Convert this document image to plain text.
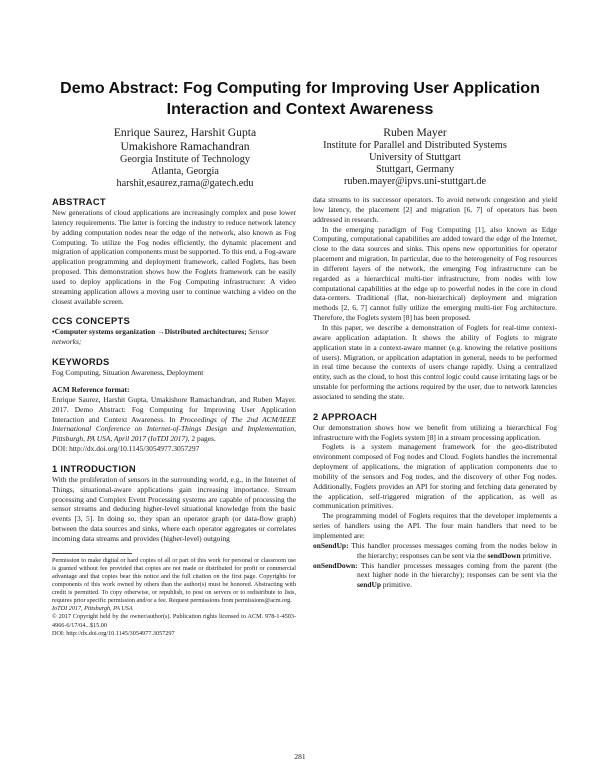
Demo Abstract: Fog Computing for Improving User Application Interaction and Context Awareness
Enrique Saurez, Harshit Gupta
Umakishore Ramachandran
Georgia Institute of Technology
Atlanta, Georgia
harshit,esaurez,rama@gatech.edu
Ruben Mayer
Institute for Parallel and Distributed Systems
University of Stuttgart
Stuttgart, Germany
ruben.mayer@ipvs.uni-stuttgart.de
ABSTRACT

New generations of cloud applications are increasingly complex and pose lower latency requirements. The latter is forcing the industry to reduce network latency by adding computation nodes near the edge of the network, also known as Fog Computing. To utilize the Fog nodes efficiently, the dynamic placement and migration of application components must be supported. To this end, a Fog-aware application programming and deployment framework, called Foglets, has been proposed. This demonstration shows how the Foglets framework can be easily used to deploy applications in the Fog Computing infrastructure: A video streaming application allows a moving user to continue watching a video on the closest available screen.

CCS CONCEPTS

•Computer systems organization →Distributed architectures; Sensor networks;

KEYWORDS

Fog Computing, Situation Awareness, Deployment

ACM Reference format:

Enrique Saurez, Harshit Gupta, Umakishore Ramachandran, and Ruben Mayer. 2017. Demo Abstract: Fog Computing for Improving User Application Interaction and Context Awareness. In Proceedings of The 2nd ACM/IEEE International Conference on Internet-of-Things Design and Implementation, Pittsburgh, PA USA, April 2017 (IoTDI 2017), 2 pages.

DOI: http://dx.doi.org/10.1145/3054977.3057297

1 INTRODUCTION

With the proliferation of sensors in the surrounding world, e.g., in the Internet of Things, situational-aware applications gain increasing importance. Stream processing and Complex Event Processing systems are capable of processing the sensor streams and deducing higher-level situational knowledge from the basic events [3, 5]. In doing so, they span an operator graph (or data-flow graph) between the data sources and sinks, where each operator aggregates or correlates incoming data streams and provides (higher-level) outgoing

Permission to make digital or hard copies of all or part of this work for personal or classroom use is granted without fee provided that copies are not made or distributed for profit or commercial advantage and that copies bear this notice and the full citation on the first page. Copyrights for components of this work owned by others than the author(s) must be honored. Abstracting with credit is permitted. To copy otherwise, or republish, to post on servers or to redistribute to lists, requires prior specific permission and/or a fee. Request permissions from permissions@acm.org.

IoTDI 2017, Pittsburgh, PA USA

© 2017 Copyright held by the owner/author(s). Publication rights licensed to ACM. 978-1-4503-4966-6/17/04...$15.00

DOI: http://dx.doi.org/10.1145/3054977.3057297

data streams to its successor operators. To avoid network congestion and yield low latency, the placement [2] and migration [6, 7] of operators has been addressed in research.

In the emerging paradigm of Fog Computing [1], also known as Edge Computing, computational capabilities are added toward the edge of the Internet, close to the data sources and sinks. This opens new opportunities for operator placement and migration. In particular, due to the heterogeneity of Fog resources in different layers of the network, the emerging Fog infrastructure can be regarded as a hierarchical multi-tier infrastructure, from nodes with low computational capabilities at the edge up to powerful nodes in the core in cloud data-centers. Traditional (flat, non-hierarchical) deployment and migration methods [2, 6, 7] cannot fully utilize the emerging multi-tier Fog architecture. Therefore, the Foglets system [8] has been proposed.

In this paper, we describe a demonstration of Foglets for real-time context-aware application adaptation. It shows the ability of Foglets to migrate application state in a context-aware manner (e.g. knowing the relative positions of users). Migration, or application adaptation in general, needs to be performed in real time because the contexts of users change rapidly. Using a centralized entity, such as the cloud, to host this control logic could cause irritating lags or be unstable for performing the actions required by the user, due to network latencies associated to sending the state.

2 APPROACH

Our demonstration shows how we benefit from utilizing a hierarchical Fog infrastructure with the Foglets system [8] in a stream processing application.

Foglets is a system management framework for the geo-distributed environment composed of Fog nodes and Cloud. Foglets handles the incremental deployment of applications, the migration of application components due to mobility of the sensors and Fog nodes, and the discovery of other Fog nodes. Additionally, Foglets provides an API for storing and fetching data generated by the application, self-triggered migration of the application, as well as communication primitives.

The programming model of Foglets requires that the developer implements a series of handlers using the API. The four main handlers that need to be implemented are:

onSendUp: This handler processes messages coming from the nodes below in the hierarchy; responses can be sent via the sendDown primitive.

onSendDown: This handler processes messages coming from the parent (the next higher node in the hierarchy); responses can be sent via the sendUp primitive.

281
